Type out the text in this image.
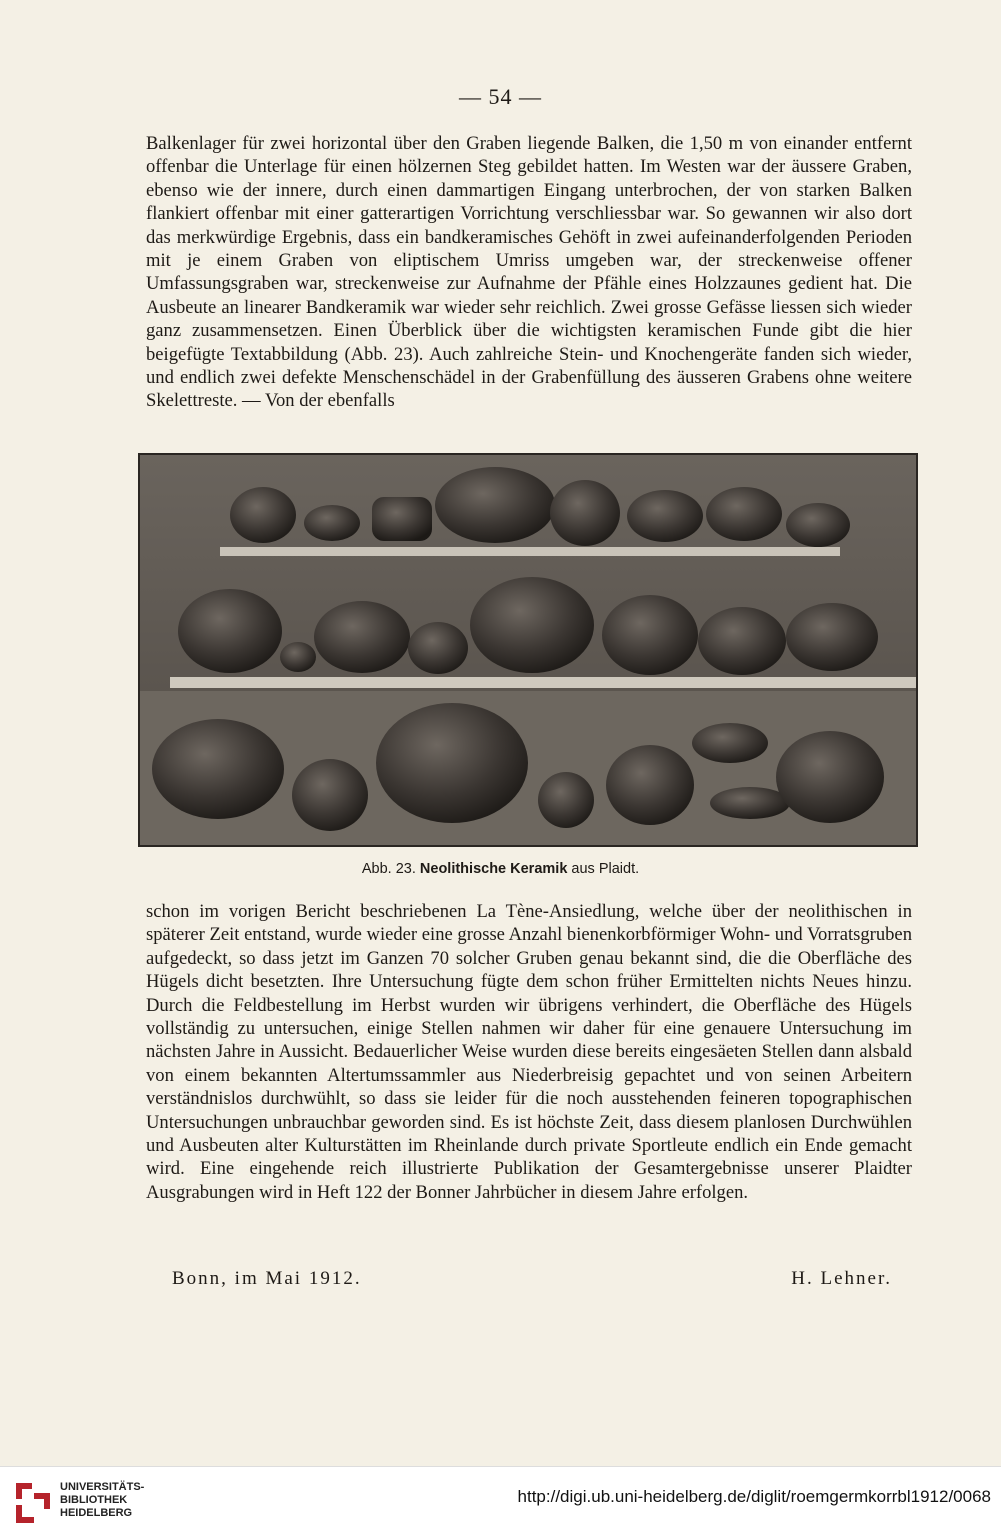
— 54 —

Balkenlager für zwei horizontal über den Graben liegende Balken, die 1,50 m von einander entfernt offenbar die Unterlage für einen hölzernen Steg gebildet hatten. Im Westen war der äussere Graben, ebenso wie der innere, durch einen dammartigen Eingang unterbrochen, der von starken Balken flankiert offenbar mit einer gatterartigen Vorrichtung verschliessbar war. So gewannen wir also dort das merkwürdige Ergebnis, dass ein bandkeramisches Gehöft in zwei aufeinanderfolgenden Perioden mit je einem Graben von eliptischem Umriss umgeben war, der streckenweise offener Umfassungsgraben war, streckenweise zur Aufnahme der Pfähle eines Holzzaunes gedient hat. Die Ausbeute an linearer Bandkeramik war wieder sehr reichlich. Zwei grosse Gefässe liessen sich wieder ganz zusammensetzen. Einen Überblick über die wichtigsten keramischen Funde gibt die hier beigefügte Textabbildung (Abb. 23). Auch zahlreiche Stein- und Knochengeräte fanden sich wieder, und endlich zwei defekte Menschenschädel in der Grabenfüllung des äusseren Grabens ohne weitere Skelettreste. — Von der ebenfalls

Abb. 23. Neolithische Keramik aus Plaidt.

schon im vorigen Bericht beschriebenen La Tène-Ansiedlung, welche über der neolithischen in späterer Zeit entstand, wurde wieder eine grosse Anzahl bienenkorbförmiger Wohn- und Vorratsgruben aufgedeckt, so dass jetzt im Ganzen 70 solcher Gruben genau bekannt sind, die die Oberfläche des Hügels dicht besetzten. Ihre Untersuchung fügte dem schon früher Ermittelten nichts Neues hinzu. Durch die Feldbestellung im Herbst wurden wir übrigens verhindert, die Oberfläche des Hügels vollständig zu untersuchen, einige Stellen nahmen wir daher für eine genauere Untersuchung im nächsten Jahre in Aussicht. Bedauerlicher Weise wurden diese bereits eingesäeten Stellen dann alsbald von einem bekannten Altertumssammler aus Niederbreisig gepachtet und von seinen Arbeitern verständnislos durchwühlt, so dass sie leider für die noch ausstehenden feineren topographischen Untersuchungen unbrauchbar geworden sind. Es ist höchste Zeit, dass diesem planlosen Durchwühlen und Ausbeuten alter Kulturstätten im Rheinlande durch private Sportleute endlich ein Ende gemacht wird. Eine eingehende reich illustrierte Publikation der Gesamtergebnisse unserer Plaidter Ausgrabungen wird in Heft 122 der Bonner Jahrbücher in diesem Jahre erfolgen.

Bonn, im Mai 1912.	H. Lehner.
UNIVERSITÄTS-
BIBLIOTHEK
HEIDELBERG
http://digi.ub.uni-heidelberg.de/diglit/roemgermkorrbl1912/0068
